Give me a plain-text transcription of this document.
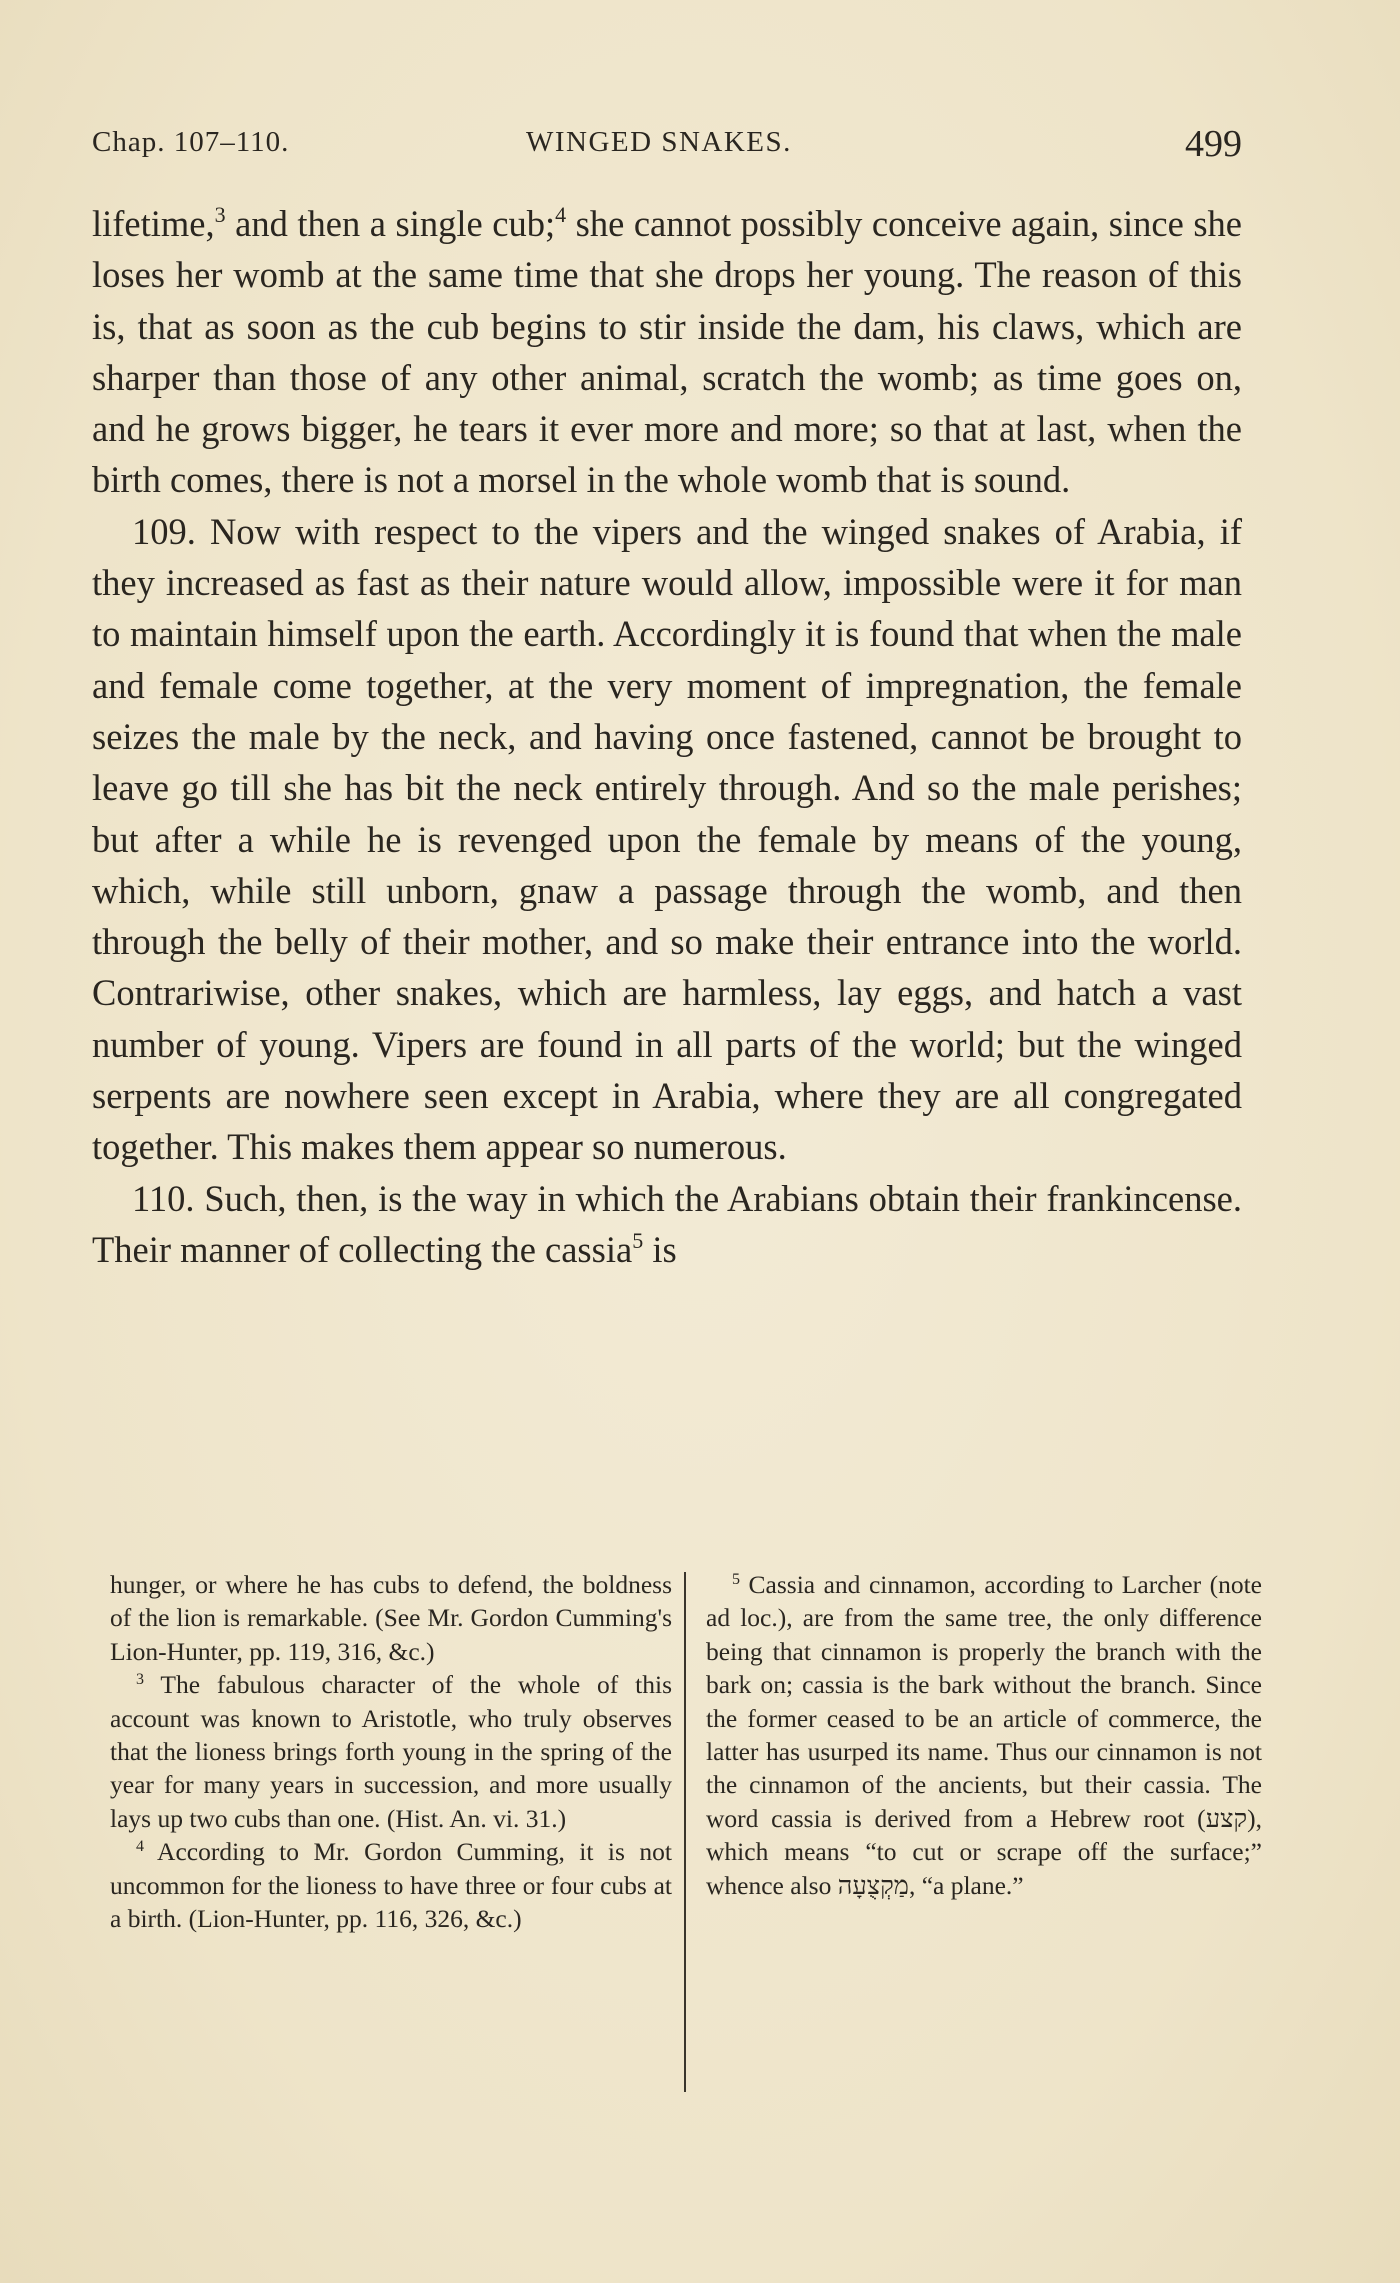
Chap. 107–110.	WINGED SNAKES.	499

lifetime,$^3$ and then a single cub;$^4$ she cannot possibly conceive again, since she loses her womb at the same time that she drops her young. The reason of this is, that as soon as the cub begins to stir inside the dam, his claws, which are sharper than those of any other animal, scratch the womb; as time goes on, and he grows bigger, he tears it ever more and more; so that at last, when the birth comes, there is not a morsel in the whole womb that is sound.

109. Now with respect to the vipers and the winged snakes of Arabia, if they increased as fast as their nature would allow, impossible were it for man to maintain himself upon the earth. Accordingly it is found that when the male and female come together, at the very moment of impregnation, the female seizes the male by the neck, and having once fastened, cannot be brought to leave go till she has bit the neck entirely through. And so the male perishes; but after a while he is revenged upon the female by means of the young, which, while still unborn, gnaw a passage through the womb, and then through the belly of their mother, and so make their entrance into the world. Contrariwise, other snakes, which are harmless, lay eggs, and hatch a vast number of young. Vipers are found in all parts of the world; but the winged serpents are nowhere seen except in Arabia, where they are all congregated together. This makes them appear so numerous.

110. Such, then, is the way in which the Arabians obtain their frankincense. Their manner of collecting the cassia$^5$ is

hunger, or where he has cubs to defend, the boldness of the lion is remarkable. (See Mr. Gordon Cumming's Lion-Hunter, pp. 119, 316, &c.)

$^3$ The fabulous character of the whole of this account was known to Aristotle, who truly observes that the lioness brings forth young in the spring of the year for many years in succession, and more usually lays up two cubs than one. (Hist. An. vi. 31.)

$^4$ According to Mr. Gordon Cumming, it is not uncommon for the lioness to have three or four cubs at a birth. (Lion-Hunter, pp. 116, 326, &c.)

$^5$ Cassia and cinnamon, according to Larcher (note ad loc.), are from the same tree, the only difference being that cinnamon is properly the branch with the bark on; cassia is the bark without the branch. Since the former ceased to be an article of commerce, the latter has usurped its name. Thus our cinnamon is not the cinnamon of the ancients, but their cassia. The word cassia is derived from a Hebrew root (קצע), which means “to cut or scrape off the surface;” whence also מַקְצֻעָה, “a plane.”
